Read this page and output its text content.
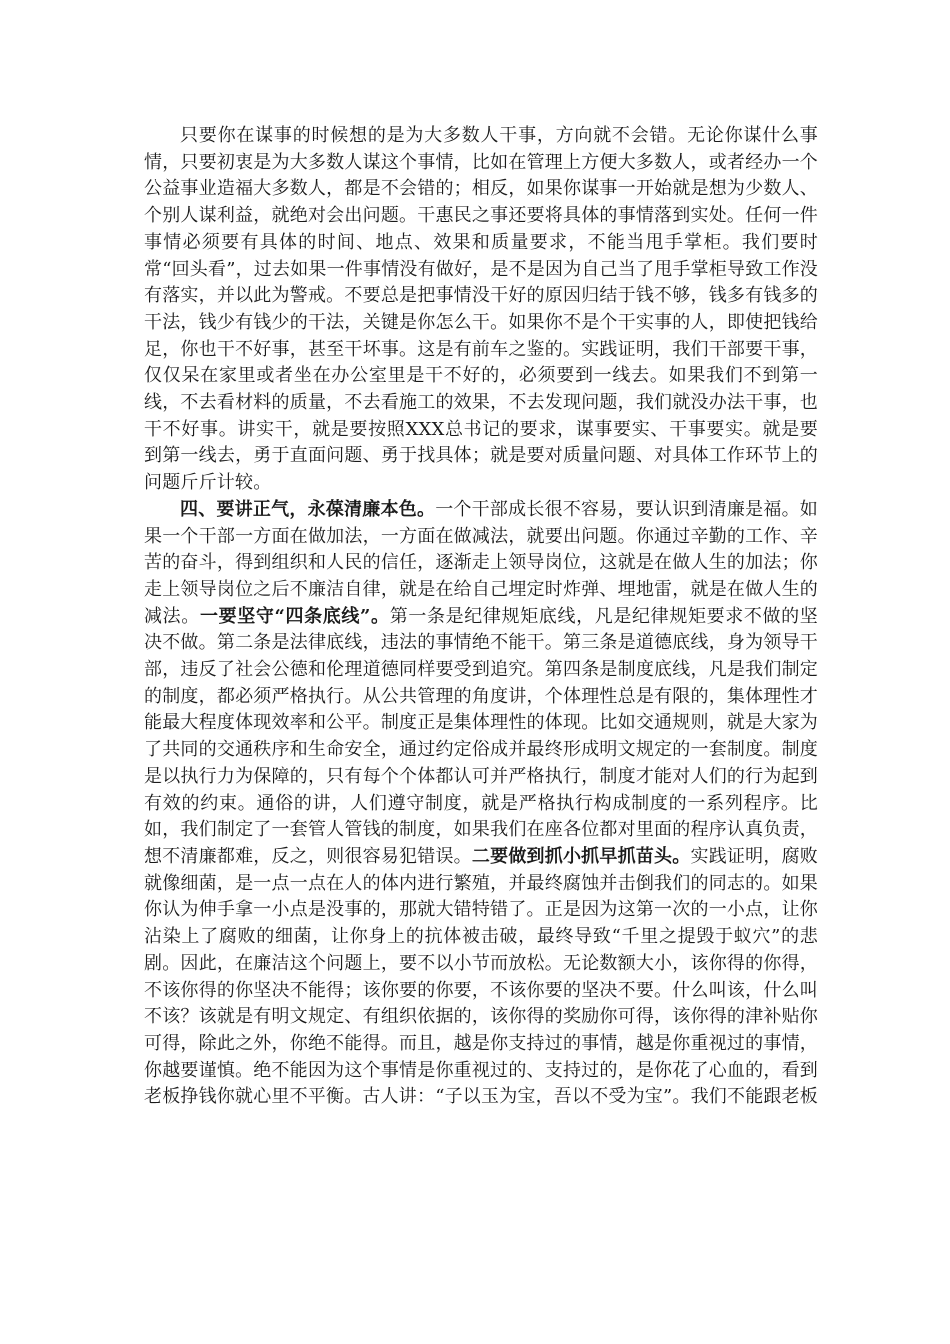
只要你在谋事的时候想的是为大多数人干事，方向就不会错。无论你谋什么事情，只要初衷是为大多数人谋这个事情，比如在管理上方便大多数人，或者经办一个公益事业造福大多数人，都是不会错的；相反，如果你谋事一开始就是想为少数人、个别人谋利益，就绝对会出问题。干惠民之事还要将具体的事情落到实处。任何一件事情必须要有具体的时间、地点、效果和质量要求，不能当甩手掌柜。我们要时常“回头看”，过去如果一件事情没有做好，是不是因为自己当了甩手掌柜导致工作没有落实，并以此为警戒。不要总是把事情没干好的原因归结于钱不够，钱多有钱多的干法，钱少有钱少的干法，关键是你怎么干。如果你不是个干实事的人，即使把钱给足，你也干不好事，甚至干坏事。这是有前车之鉴的。实践证明，我们干部要干事，仅仅呆在家里或者坐在办公室里是干不好的，必须要到一线去。如果我们不到第一线，不去看材料的质量，不去看施工的效果，不去发现问题，我们就没办法干事，也干不好事。讲实干，就是要按照XXX总书记的要求，谋事要实、干事要实。就是要到第一线去，勇于直面问题、勇于找具体；就是要对质量问题、对具体工作环节上的问题斤斤计较。

四、要讲正气，永葆清廉本色。一个干部成长很不容易，要认识到清廉是福。如果一个干部一方面在做加法，一方面在做减法，就要出问题。你通过辛勤的工作、辛苦的奋斗，得到组织和人民的信任，逐渐走上领导岗位，这就是在做人生的加法；你走上领导岗位之后不廉洁自律，就是在给自己埋定时炸弹、埋地雷，就是在做人生的减法。一要坚守“四条底线”。第一条是纪律规矩底线，凡是纪律规矩要求不做的坚决不做。第二条是法律底线，违法的事情绝不能干。第三条是道德底线，身为领导干部，违反了社会公德和伦理道德同样要受到追究。第四条是制度底线，凡是我们制定的制度，都必须严格执行。从公共管理的角度讲，个体理性总是有限的，集体理性才能最大程度体现效率和公平。制度正是集体理性的体现。比如交通规则，就是大家为了共同的交通秩序和生命安全，通过约定俗成并最终形成明文规定的一套制度。制度是以执行力为保障的，只有每个个体都认可并严格执行，制度才能对人们的行为起到有效的约束。通俗的讲，人们遵守制度，就是严格执行构成制度的一系列程序。比如，我们制定了一套管人管钱的制度，如果我们在座各位都对里面的程序认真负责，想不清廉都难，反之，则很容易犯错误。二要做到抓小抓早抓苗头。实践证明，腐败就像细菌，是一点一点在人的体内进行繁殖，并最终腐蚀并击倒我们的同志的。如果你认为伸手拿一小点是没事的，那就大错特错了。正是因为这第一次的一小点，让你沾染上了腐败的细菌，让你身上的抗体被击破，最终导致“千里之提毁于蚁穴”的悲剧。因此，在廉洁这个问题上，要不以小节而放松。无论数额大小，该你得的你得，不该你得的你坚决不能得；该你要的你要，不该你要的坚决不要。什么叫该，什么叫不该？该就是有明文规定、有组织依据的，该你得的奖励你可得，该你得的津补贴你可得，除此之外，你绝不能得。而且，越是你支持过的事情，越是你重视过的事情，你越要谨慎。绝不能因为这个事情是你重视过的、支持过的，是你花了心血的，看到老板挣钱你就心里不平衡。古人讲：“子以玉为宝，吾以不受为宝”。我们不能跟老板
